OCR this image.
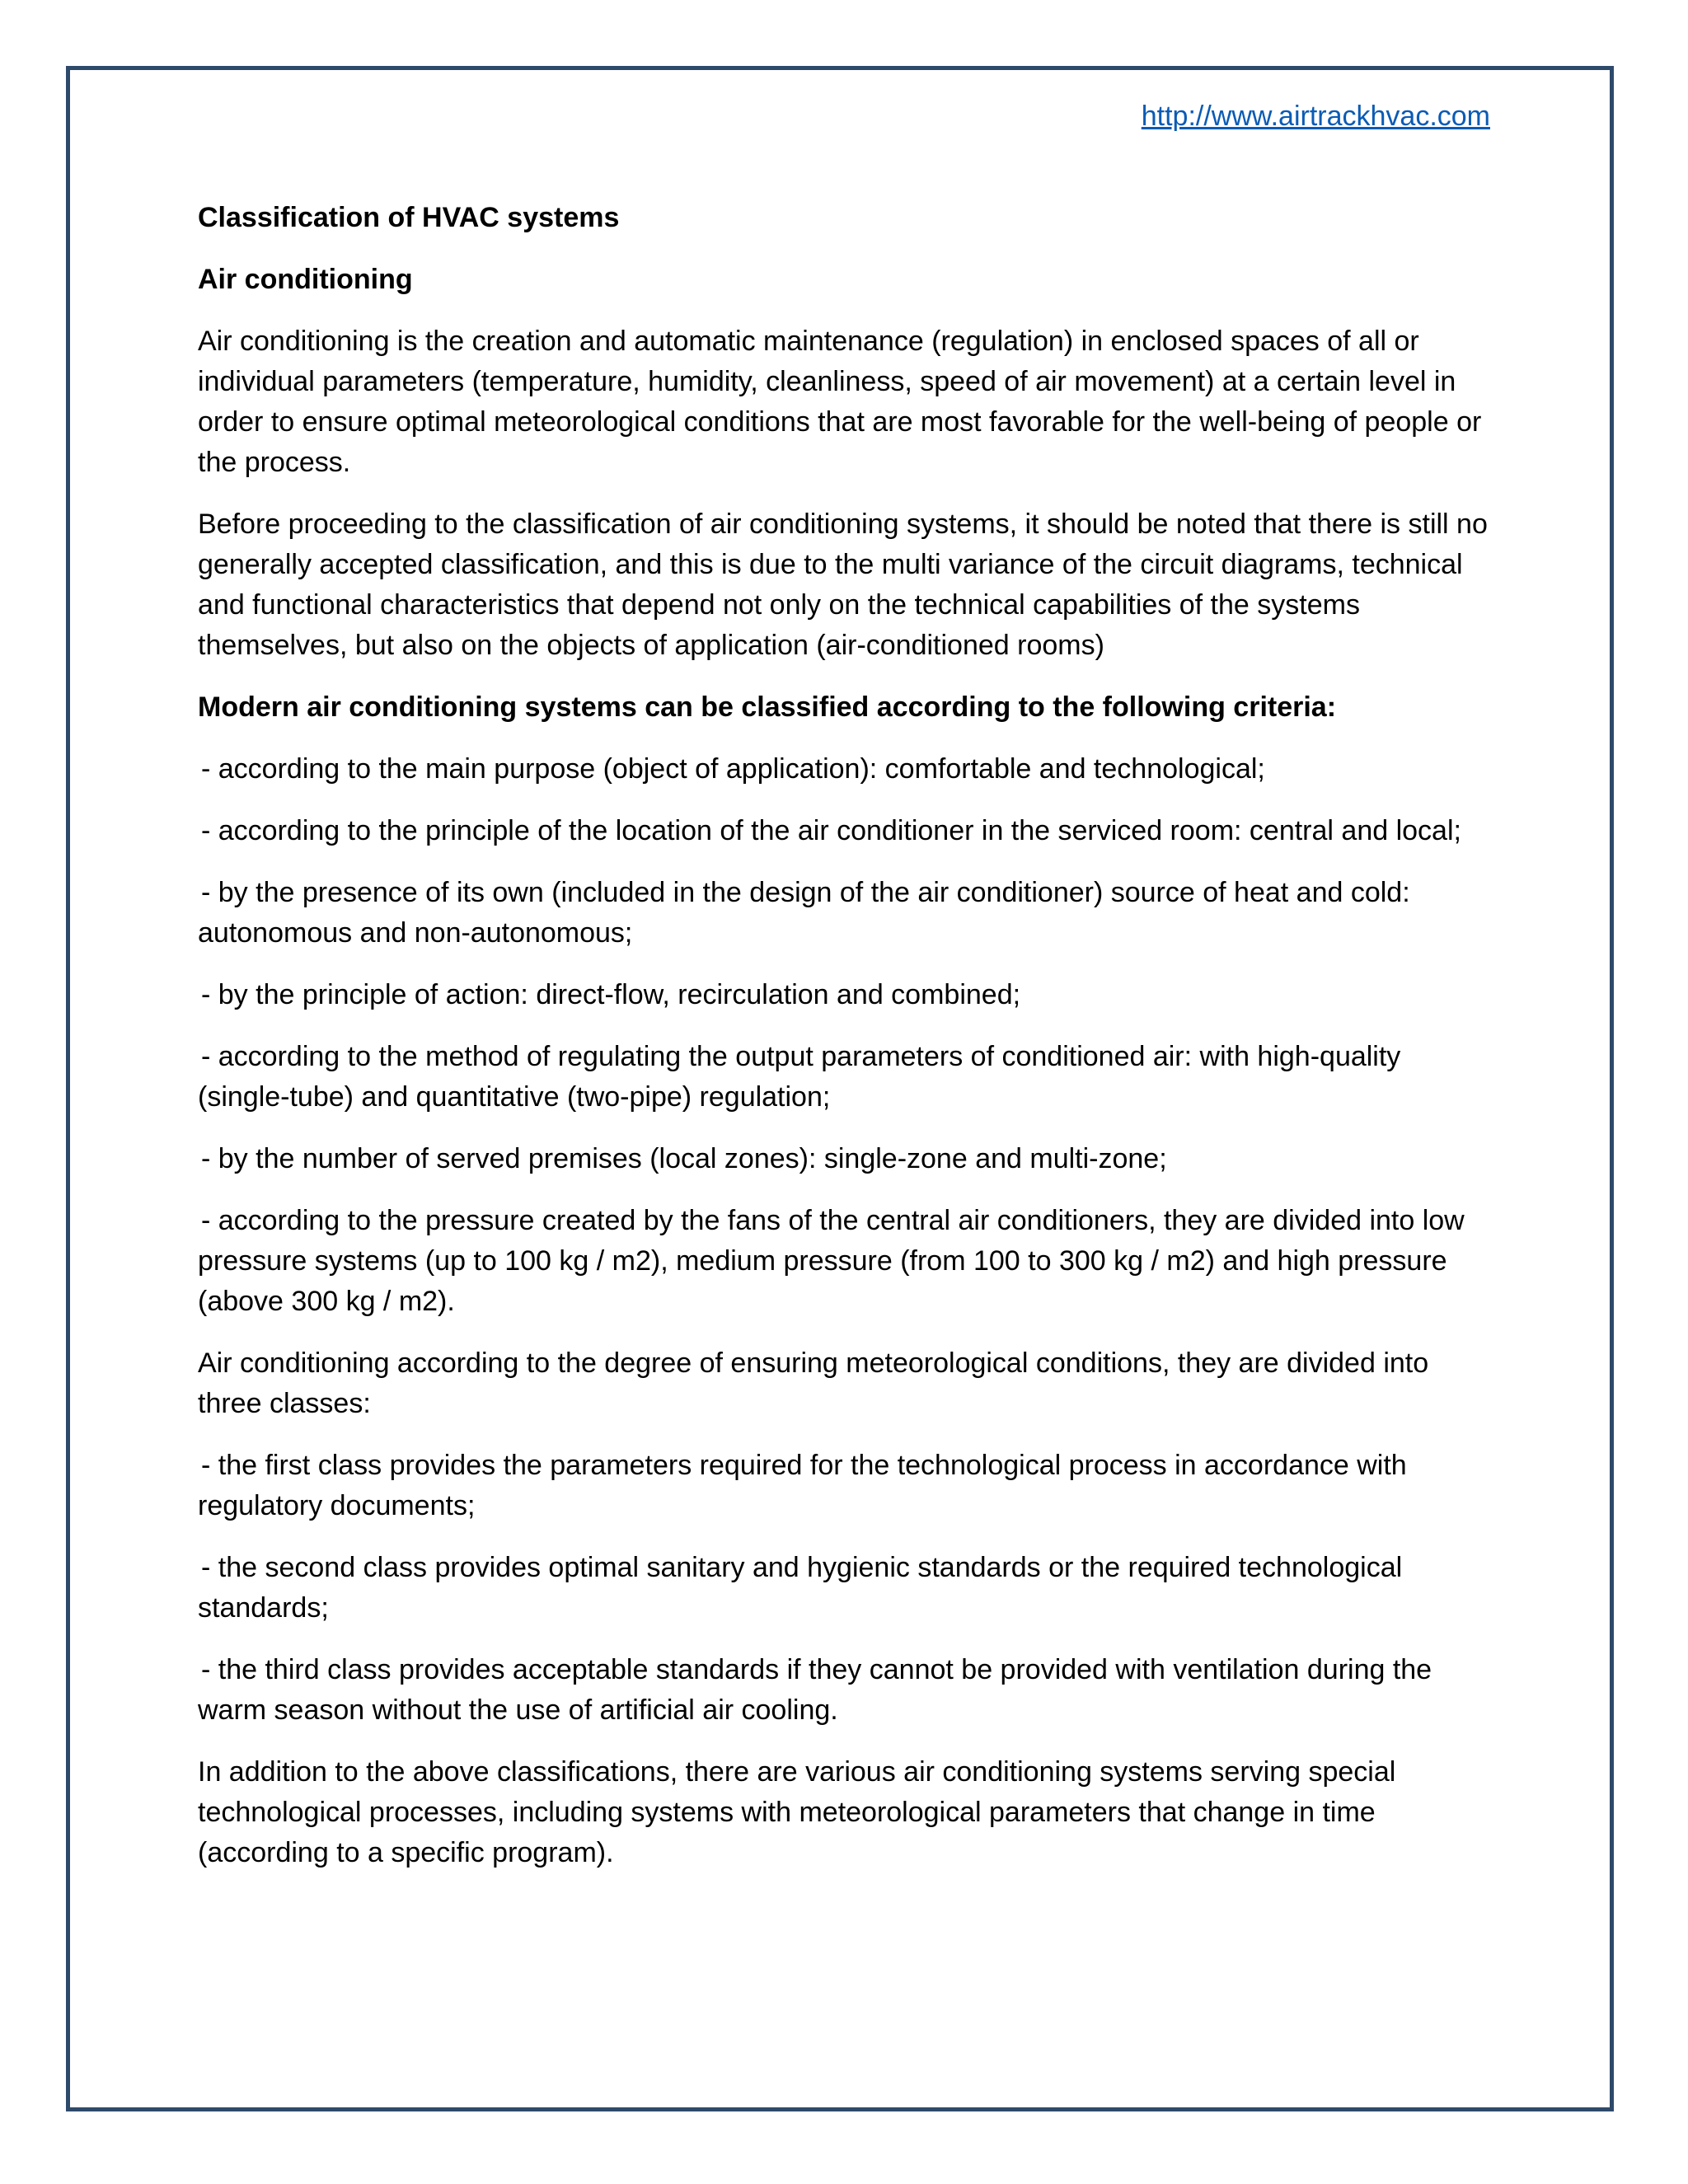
http://www.airtrackhvac.com

Classification of HVAC systems

Air conditioning

Air conditioning is the creation and automatic maintenance (regulation) in enclosed spaces of all or individual parameters (temperature, humidity, cleanliness, speed of air movement) at a certain level in order to ensure optimal meteorological conditions that are most favorable for the well-being of people or the process.

Before proceeding to the classification of air conditioning systems, it should be noted that there is still no generally accepted classification, and this is due to the multi variance of the circuit diagrams, technical and functional characteristics that depend not only on the technical capabilities of the systems themselves, but also on the objects of application (air-conditioned rooms)

Modern air conditioning systems can be classified according to the following criteria:

- according to the main purpose (object of application): comfortable and technological;

- according to the principle of the location of the air conditioner in the serviced room: central and local;

- by the presence of its own (included in the design of the air conditioner) source of heat and cold: autonomous and non-autonomous;

- by the principle of action: direct-flow, recirculation and combined;

- according to the method of regulating the output parameters of conditioned air: with high-quality (single-tube) and quantitative (two-pipe) regulation;

- by the number of served premises (local zones): single-zone and multi-zone;

- according to the pressure created by the fans of the central air conditioners, they are divided into low pressure systems (up to 100 kg / m2), medium pressure (from 100 to 300 kg / m2) and high pressure (above 300 kg / m2).

Air conditioning according to the degree of ensuring meteorological conditions, they are divided into three classes:

- the first class provides the parameters required for the technological process in accordance with regulatory documents;

- the second class provides optimal sanitary and hygienic standards or the required technological standards;

- the third class provides acceptable standards if they cannot be provided with ventilation during the warm season without the use of artificial air cooling.

In addition to the above classifications, there are various air conditioning systems serving special technological processes, including systems with meteorological parameters that change in time (according to a specific program).
